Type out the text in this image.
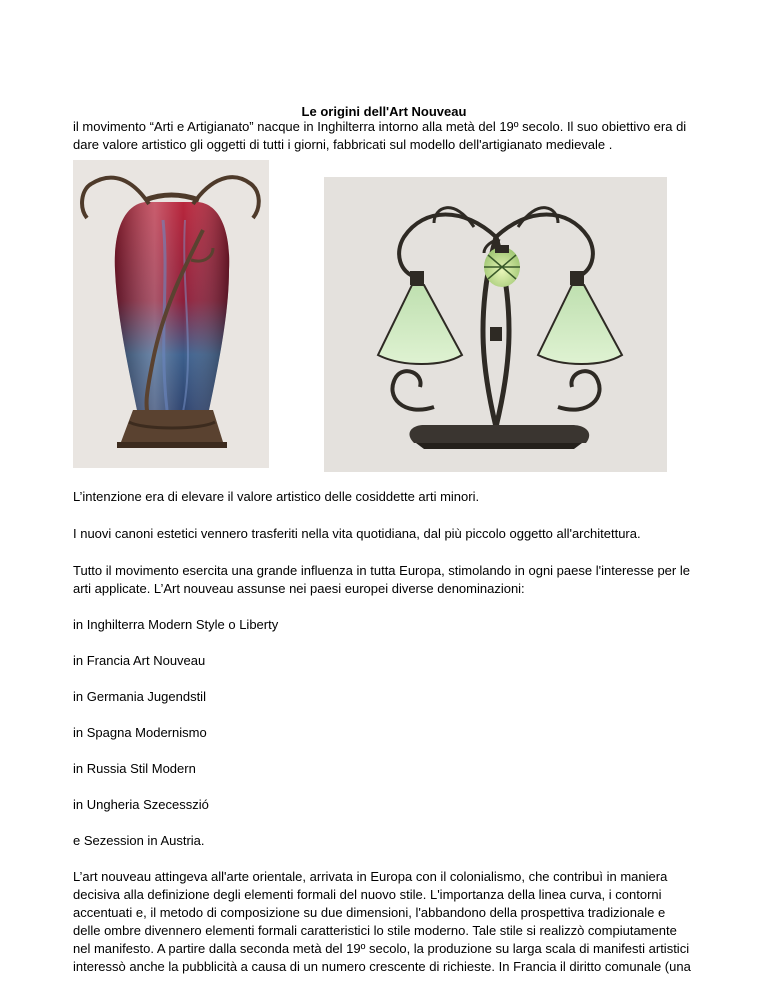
Le origini dell'Art Nouveau

il movimento “Arti e Artigianato” nacque in Inghilterra intorno alla metà del 19º secolo. Il suo obiettivo era di dare valore artistico gli oggetti di tutti i giorni, fabbricati sul modello dell'artigianato medievale .

L’intenzione era di elevare il valore artistico delle cosiddette arti minori.

I nuovi canoni estetici vennero trasferiti nella vita quotidiana, dal più piccolo oggetto all'architettura.

Tutto il movimento esercita una grande influenza in tutta Europa, stimolando in ogni paese l'interesse per le arti applicate. L’Art nouveau assunse nei paesi europei diverse denominazioni:

in Inghilterra Modern Style o Liberty

in Francia Art Nouveau

in Germania Jugendstil

in Spagna Modernismo

in Russia Stil Modern

in Ungheria Szecesszió

e Sezession in Austria.

L’art nouveau attingeva all'arte orientale, arrivata in Europa con il colonialismo, che contribuì in maniera decisiva alla definizione degli elementi formali del nuovo stile. L'importanza della linea curva, i contorni accentuati e, il metodo di composizione su due dimensioni, l'abbandono della prospettiva tradizionale e delle ombre divennero elementi formali caratteristici lo stile moderno. Tale stile si realizzò compiutamente nel manifesto. A partire dalla seconda metà del 19º secolo, la produzione su larga scala di manifesti artistici interessò anche la pubblicità a causa di un numero crescente di richieste. In Francia il diritto comunale (una
